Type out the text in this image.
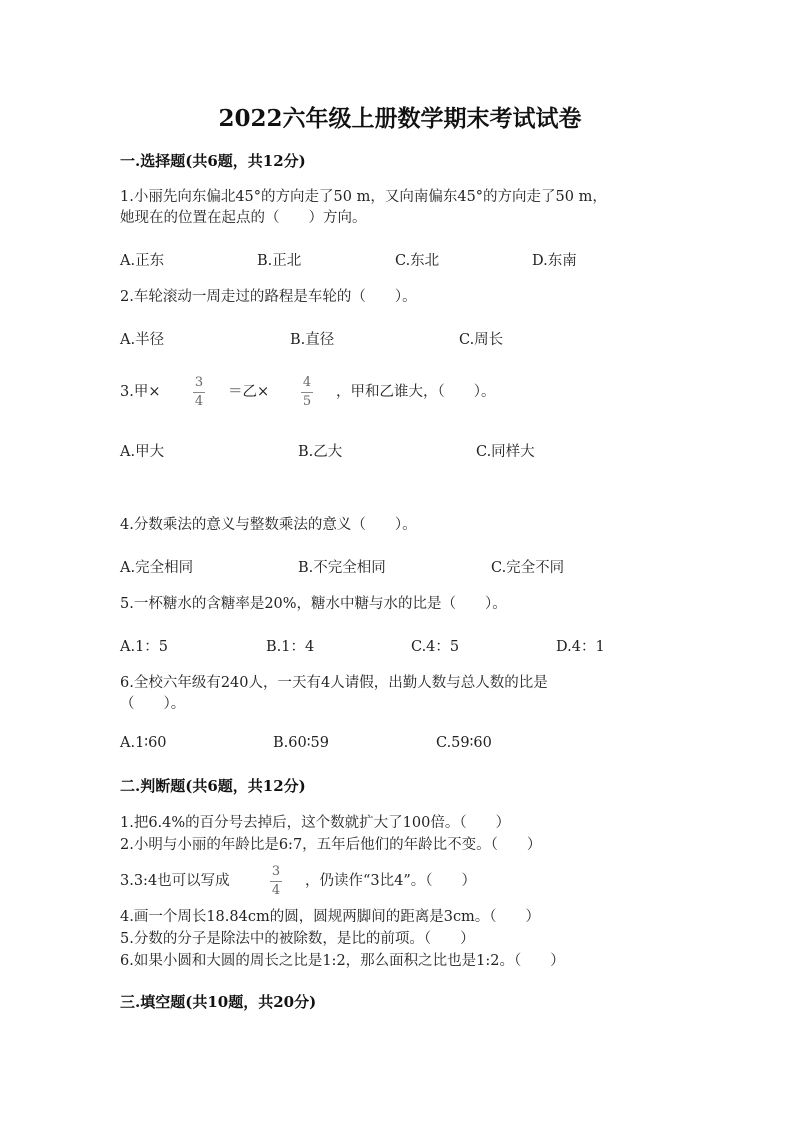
2022六年级上册数学期末考试试卷
一.选择题(共6题，共12分)
1.小丽先向东偏北45°的方向走了50 m，又向南偏东45°的方向走了50 m，
她现在的位置在起点的（　　）方向。
A.正东	B.正北	C.东北	D.东南
2.车轮滚动一周走过的路程是车轮的（　　）。
A.半径	B.直径	C.周长
3.甲×
3
4
＝乙×
4
5
，甲和乙谁大，（　　）。
A.甲大	B.乙大	C.同样大
4.分数乘法的意义与整数乘法的意义（　　）。
A.完全相同	B.不完全相同	C.完全不同
5.一杯糖水的含糖率是20%，糖水中糖与水的比是（　　）。
A.1：5	B.1：4	C.4：5	D.4：1
6.全校六年级有240人，一天有4人请假，出勤人数与总人数的比是
（　　）。
A.1∶60	B.60∶59	C.59∶60
二.判断题(共6题，共12分)
1.把6.4%的百分号去掉后，这个数就扩大了100倍。（　　）
2.小明与小丽的年龄比是6:7，五年后他们的年龄比不变。（　　）
3.3:4也可以写成
3
4
，仍读作“3比4”。（　　）
4.画一个周长18.84cm的圆，圆规两脚间的距离是3cm。（　　）
5.分数的分子是除法中的被除数，是比的前项。（　　）
6.如果小圆和大圆的周长之比是1:2，那么面积之比也是1:2。（　　）
三.填空题(共10题，共20分)
